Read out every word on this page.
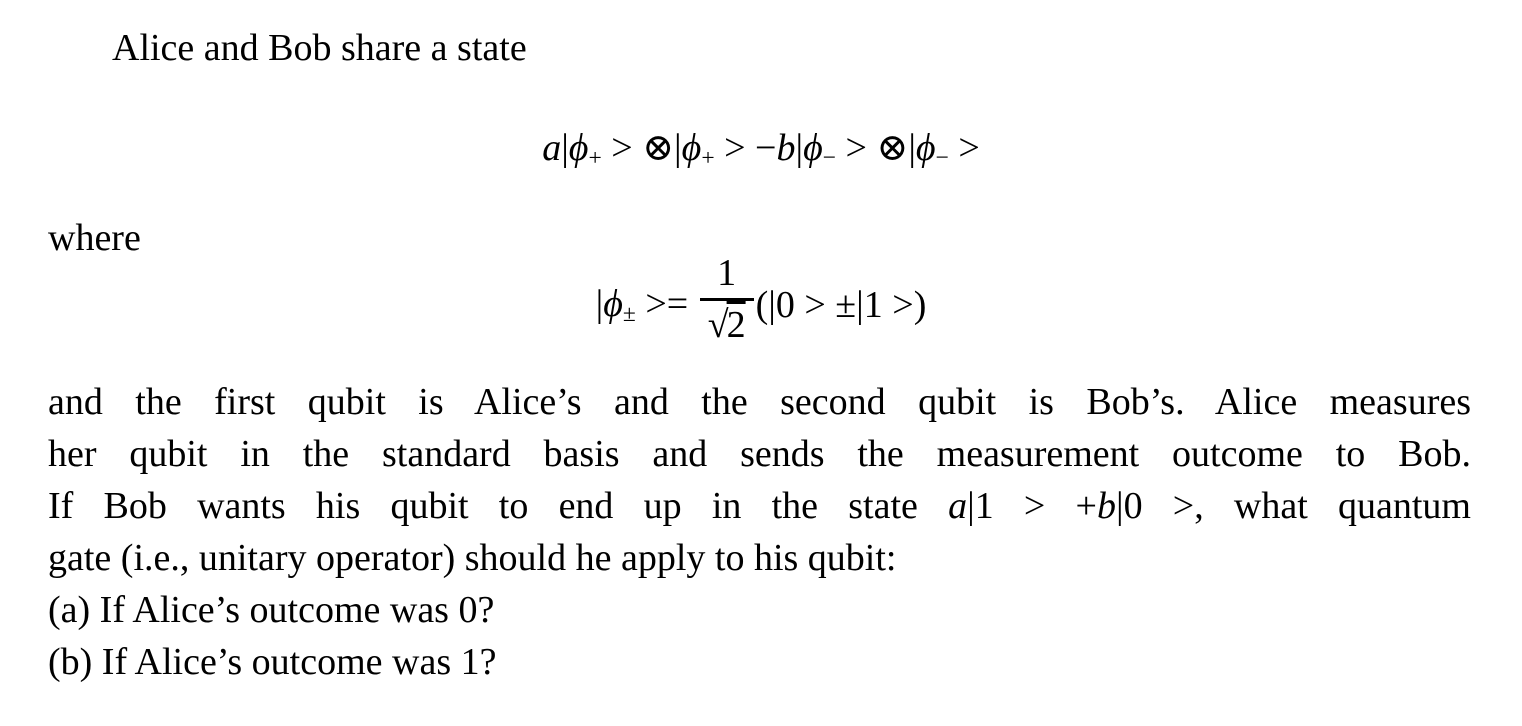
Alice and Bob share a state
$a|\phi_+$ > $\otimes|\phi_+ > -b|\phi_-$ > $\otimes|\phi_-$ >
where
$|\phi_\pm >= \frac{1}{√2} (|0 > \pm|1$ >)
and the first qubit is Alice’s and the second qubit is Bob’s. Alice measures
her qubit in the standard basis and sends the measurement outcome to Bob.
If Bob wants his qubit to end up in the state a|1 > +b|0 >, what quantum
gate (i.e., unitary operator) should he apply to his qubit:
(a) If Alice’s outcome was 0?
(b) If Alice’s outcome was 1?
